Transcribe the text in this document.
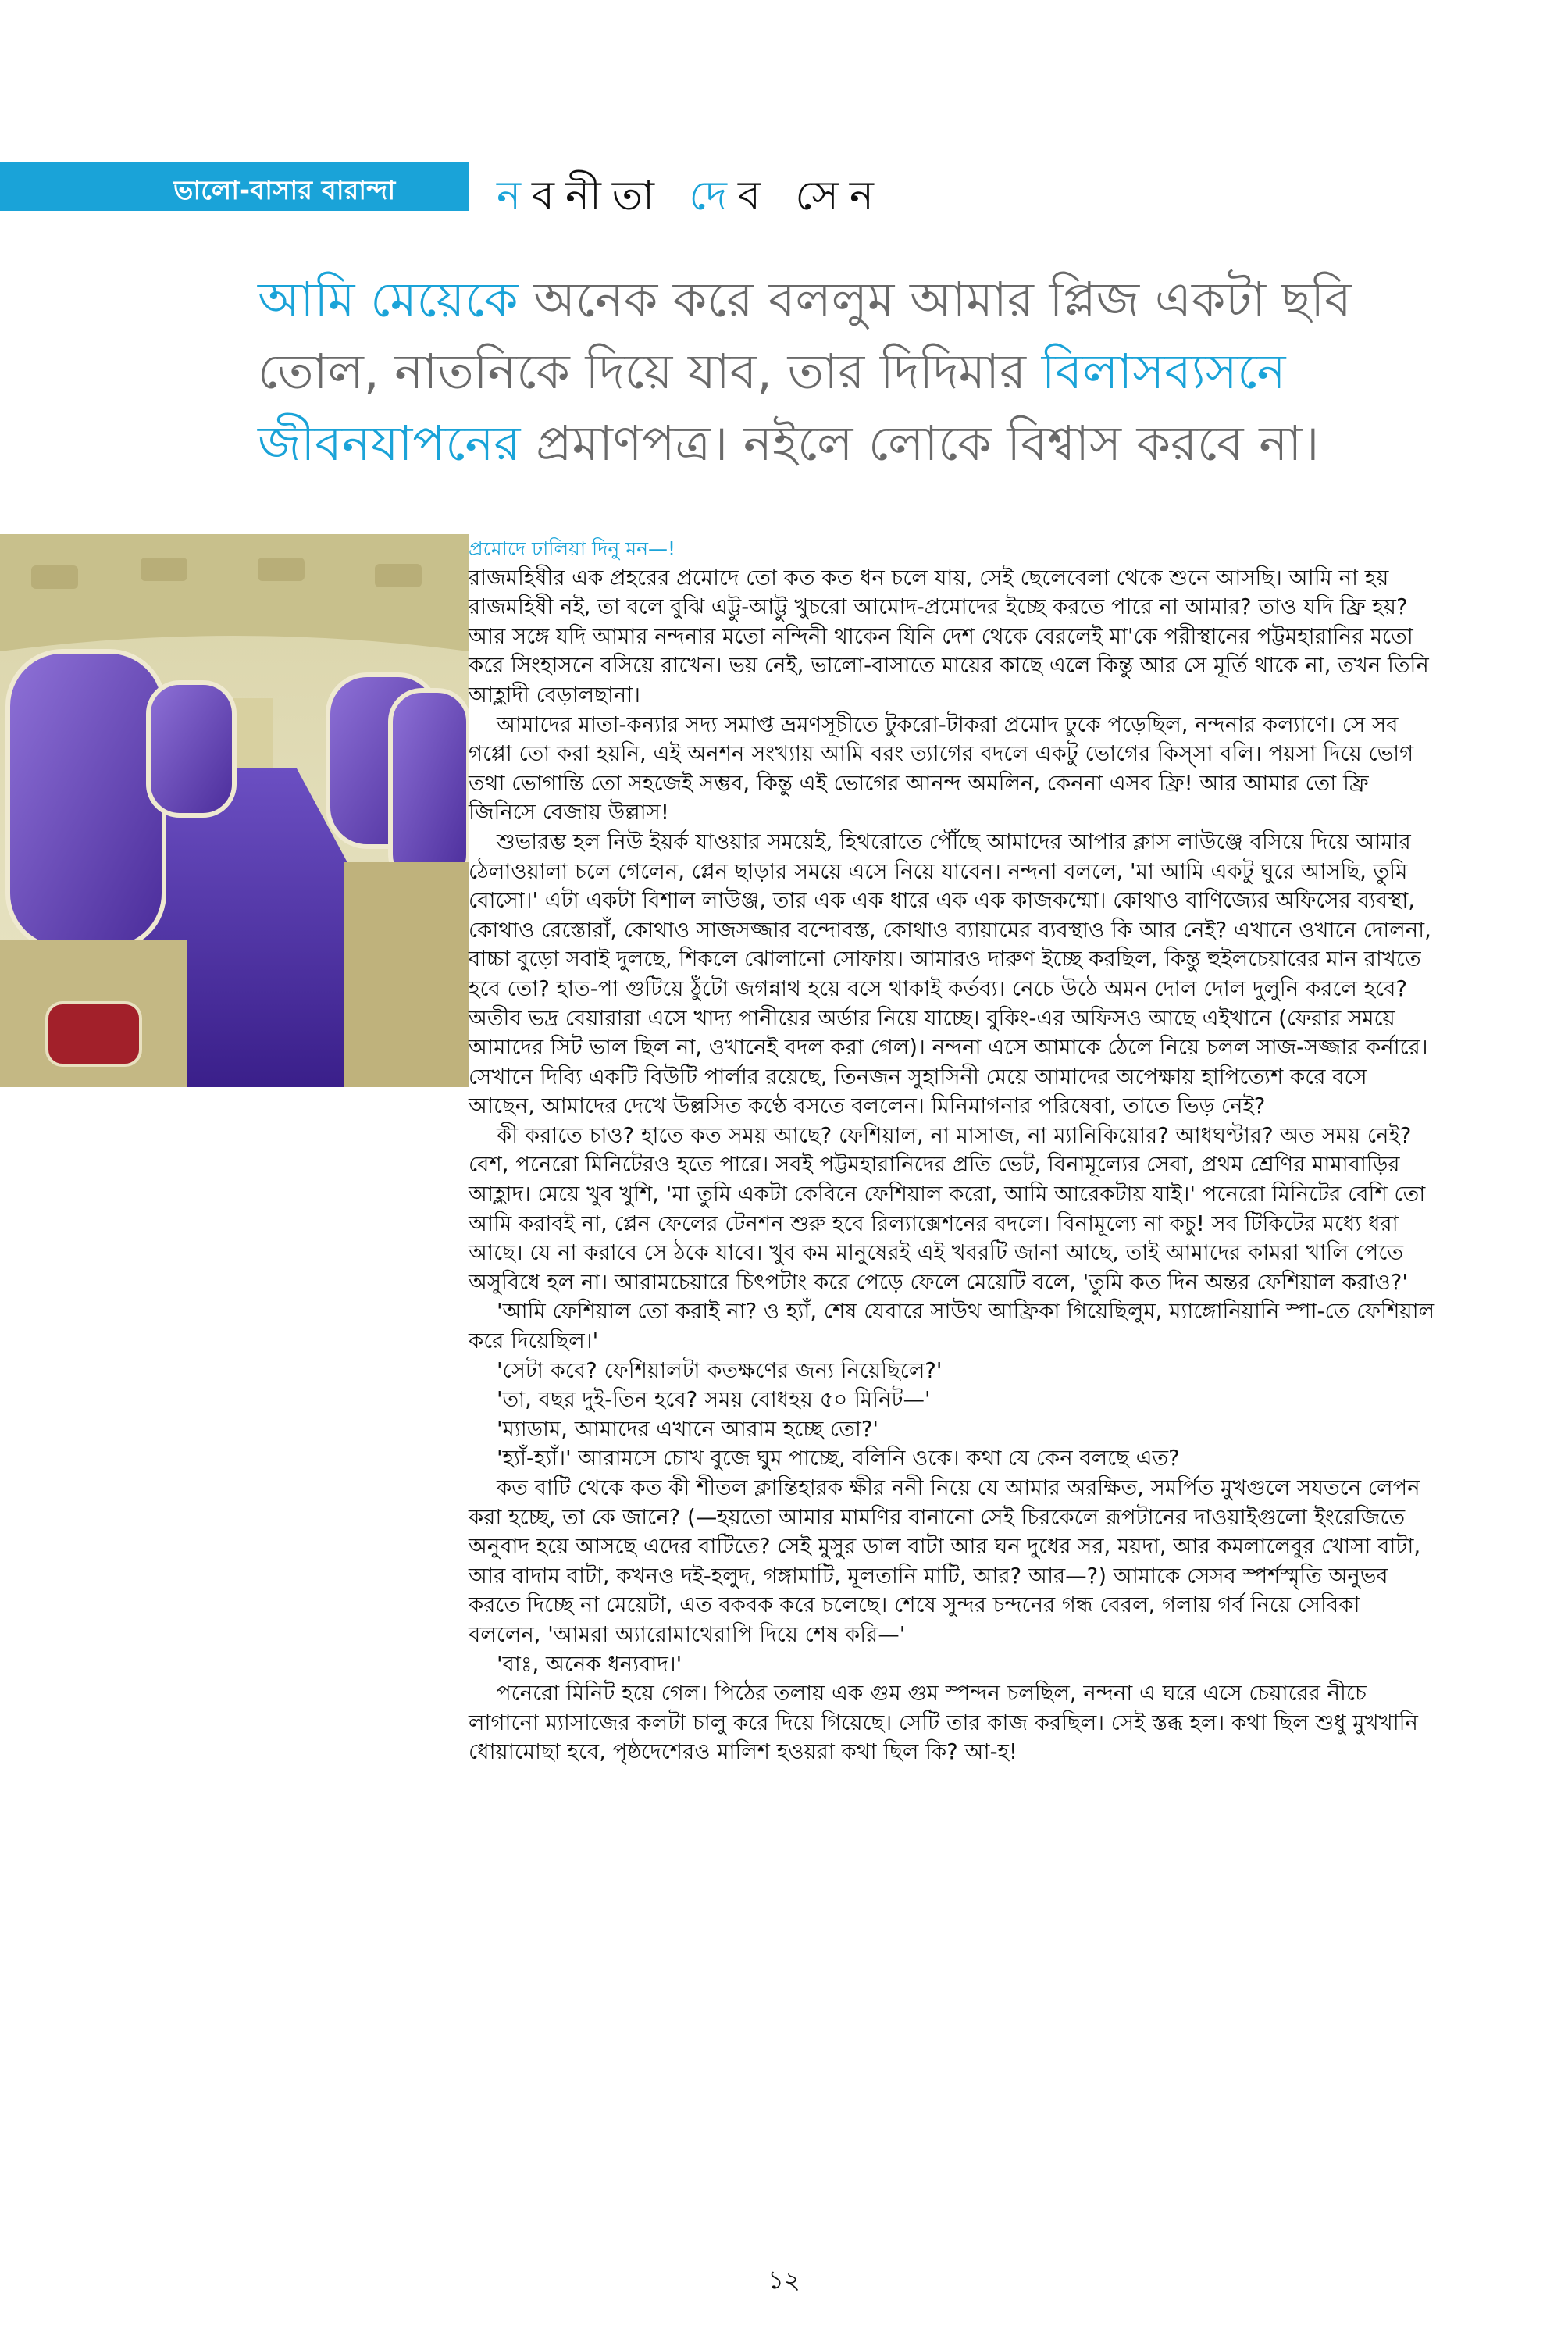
ভালো-বাসার বারান্দা নবনীতা দেব সেন
আমি মেয়েকে অনেক করে বললুম আমার প্লিজ একটা ছবি তোল, নাতনিকে দিয়ে যাব, তার দিদিমার বিলাসব্যসনে জীবনযাপনের প্রমাণপত্র। নইলে লোকে বিশ্বাস করবে না।
প্রমোদে ঢালিয়া দিনু মন—!

রাজমহিষীর এক প্রহরের প্রমোদে তো কত কত ধন চলে যায়, সেই ছেলেবেলা থেকে শুনে আসছি। আমি না হয় রাজমহিষী নই, তা বলে বুঝি এট্টু-আট্টু খুচরো আমোদ-প্রমোদের ইচ্ছে করতে পারে না আমার? তাও যদি ফ্রি হয়? আর সঙ্গে যদি আমার নন্দনার মতো নন্দিনী থাকেন যিনি দেশ থেকে বেরলেই মা'কে পরীস্থানের পট্টমহারানির মতো করে সিংহাসনে বসিয়ে রাখেন। ভয় নেই, ভালো-বাসাতে মায়ের কাছে এলে কিন্তু আর সে মূর্তি থাকে না, তখন তিনি আহ্লাদী বেড়ালছানা।

আমাদের মাতা-কন্যার সদ্য সমাপ্ত ভ্রমণসূচীতে টুকরো-টাকরা প্রমোদ ঢুকে পড়েছিল, নন্দনার কল্যাণে। সে সব গপ্পো তো করা হয়নি, এই অনশন সংখ্যায় আমি বরং ত্যাগের বদলে একটু ভোগের কিস্সা বলি। পয়সা দিয়ে ভোগ তথা ভোগান্তি তো সহজেই সম্ভব, কিন্তু এই ভোগের আনন্দ অমলিন, কেননা এসব ফ্রি! আর আমার তো ফ্রি জিনিসে বেজায় উল্লাস!

শুভারম্ভ হল নিউ ইয়র্ক যাওয়ার সময়েই, হিথরোতে পৌঁছে আমাদের আপার ক্লাস লাউঞ্জে বসিয়ে দিয়ে আমার ঠেলাওয়ালা চলে গেলেন, প্লেন ছাড়ার সময়ে এসে নিয়ে যাবেন। নন্দনা বললে, 'মা আমি একটু ঘুরে আসছি, তুমি বোসো।' এটা একটা বিশাল লাউঞ্জ, তার এক এক ধারে এক এক কাজকম্মো। কোথাও বাণিজ্যের অফিসের ব্যবস্থা, কোথাও রেস্তোরাঁ, কোথাও সাজসজ্জার বন্দোবস্ত, কোথাও ব্যায়ামের ব্যবস্থাও কি আর নেই? এখানে ওখানে দোলনা, বাচ্চা বুড়ো সবাই দুলছে, শিকলে ঝোলানো সোফায়। আমারও দারুণ ইচ্ছে করছিল, কিন্তু হুইলচেয়ারের মান রাখতে হবে তো? হাত-পা গুটিয়ে ঠুঁটো জগন্নাথ হয়ে বসে থাকাই কর্তব্য। নেচে উঠে অমন দোল দোল দুলুনি করলে হবে? অতীব ভদ্র বেয়ারারা এসে খাদ্য পানীয়ের অর্ডার নিয়ে যাচ্ছে। বুকিং-এর অফিসও আছে এইখানে (ফেরার সময়ে আমাদের সিট ভাল ছিল না, ওখানেই বদল করা গেল)। নন্দনা এসে আমাকে ঠেলে নিয়ে চলল সাজ-সজ্জার কর্নারে। সেখানে দিব্যি একটি বিউটি পার্লার রয়েছে, তিনজন সুহাসিনী মেয়ে আমাদের অপেক্ষায় হাপিত্যেশ করে বসে আছেন, আমাদের দেখে উল্লসিত কণ্ঠে বসতে বললেন। মিনিমাগনার পরিষেবা, তাতে ভিড় নেই?

কী করাতে চাও? হাতে কত সময় আছে? ফেশিয়াল, না মাসাজ, না ম্যানিকিয়োর? আধঘণ্টার? অত সময় নেই? বেশ, পনেরো মিনিটেরও হতে পারে। সবই পট্টমহারানিদের প্রতি ভেট, বিনামূল্যের সেবা, প্রথম শ্রেণির মামাবাড়ির আহ্লাদ। মেয়ে খুব খুশি, 'মা তুমি একটা কেবিনে ফেশিয়াল করো, আমি আরেকটায় যাই।' পনেরো মিনিটের বেশি তো আমি করাবই না, প্লেন ফেলের টেনশন শুরু হবে রিল্যাক্সেশনের বদলে। বিনামূল্যে না কচু! সব টিকিটের মধ্যে ধরা আছে। যে না করাবে সে ঠকে যাবে। খুব কম মানুষেরই এই খবরটি জানা আছে, তাই আমাদের কামরা খালি পেতে অসুবিধে হল না। আরামচেয়ারে চিৎপটাং করে পেড়ে ফেলে মেয়েটি বলে, 'তুমি কত দিন অন্তর ফেশিয়াল করাও?'

'আমি ফেশিয়াল তো করাই না? ও হ্যাঁ, শেষ যেবারে সাউথ আফ্রিকা গিয়েছিলুম, ম্যাঙ্গোনিয়ানি স্পা-তে ফেশিয়াল করে দিয়েছিল।'

'সেটা কবে? ফেশিয়ালটা কতক্ষণের জন্য নিয়েছিলে?'

'তা, বছর দুই-তিন হবে? সময় বোধহয় ৫০ মিনিট—'

'ম্যাডাম, আমাদের এখানে আরাম হচ্ছে তো?'

'হ্যাঁ-হ্যাঁ।' আরামসে চোখ বুজে ঘুম পাচ্ছে, বলিনি ওকে। কথা যে কেন বলছে এত?

কত বাটি থেকে কত কী শীতল ক্লান্তিহারক ক্ষীর ননী নিয়ে যে আমার অরক্ষিত, সমর্পিত মুখগুলে সযতনে লেপন করা হচ্ছে, তা কে জানে? (—হয়তো আমার মামণির বানানো সেই চিরকেলে রূপটানের দাওয়াইগুলো ইংরেজিতে অনুবাদ হয়ে আসছে এদের বাটিতে? সেই মুসুর ডাল বাটা আর ঘন দুধের সর, ময়দা, আর কমলালেবুর খোসা বাটা, আর বাদাম বাটা, কখনও দই-হলুদ, গঙ্গামাটি, মূলতানি মাটি, আর? আর—?) আমাকে সেসব স্পর্শস্মৃতি অনুভব করতে দিচ্ছে না মেয়েটা, এত বকবক করে চলেছে। শেষে সুন্দর চন্দনের গন্ধ বেরল, গলায় গর্ব নিয়ে সেবিকা বললেন, 'আমরা অ্যারোমাথেরাপি দিয়ে শেষ করি—'

'বাঃ, অনেক ধন্যবাদ।'

পনেরো মিনিট হয়ে গেল। পিঠের তলায় এক গুম গুম স্পন্দন চলছিল, নন্দনা এ ঘরে এসে চেয়ারের নীচে লাগানো ম্যাসাজের কলটা চালু করে দিয়ে গিয়েছে। সেটি তার কাজ করছিল। সেই স্তব্ধ হল। কথা ছিল শুধু মুখখানি ধোয়ামোছা হবে, পৃষ্ঠদেশেরও মালিশ হওয়রা কথা ছিল কি? আ-হ!

১২
